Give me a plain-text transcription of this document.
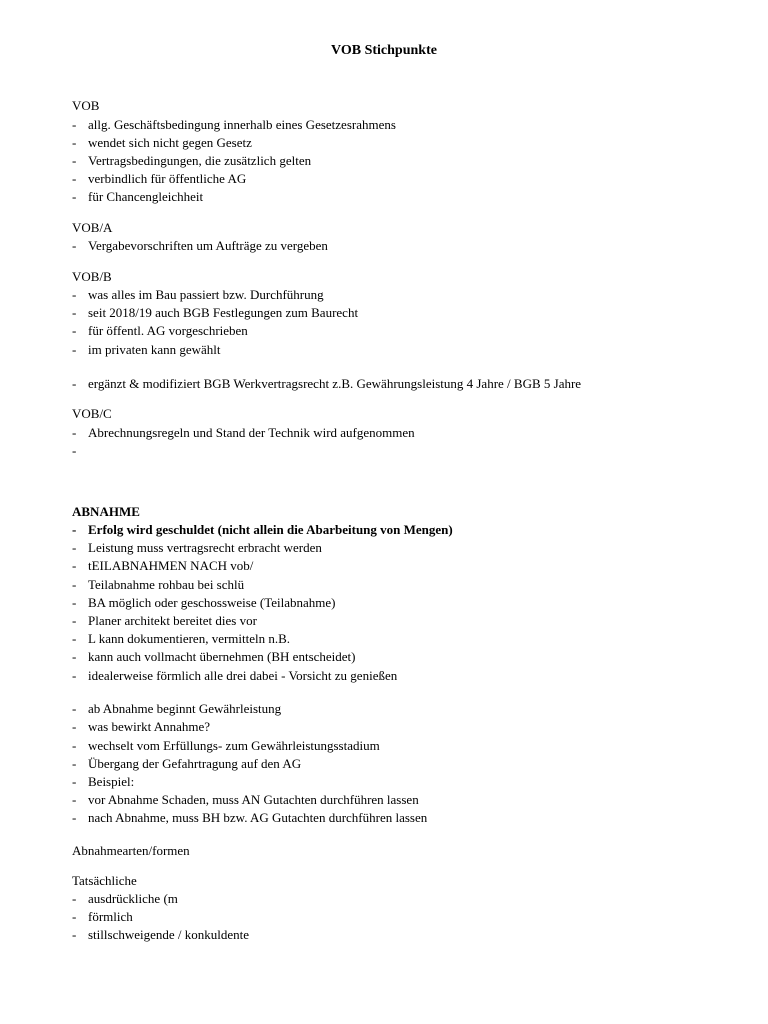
VOB Stichpunkte
VOB
- allg. Geschäftsbedingung innerhalb eines Gesetzesrahmens
- wendet sich nicht gegen Gesetz
- Vertragsbedingungen, die zusätzlich gelten
- verbindlich für öffentliche AG
- für Chancengleichheit
VOB/A
- Vergabevorschriften um Aufträge zu vergeben
VOB/B
- was alles im Bau passiert bzw. Durchführung
- seit 2018/19 auch BGB Festlegungen zum Baurecht
- für öffentl. AG vorgeschrieben
- im privaten kann gewählt
- ergänzt & modifiziert BGB Werkvertragsrecht z.B. Gewährungsleistung 4 Jahre / BGB 5 Jahre
VOB/C
- Abrechnungsregeln und Stand der Technik wird aufgenommen
-
ABNAHME
- Erfolg wird geschuldet (nicht allein die Abarbeitung von Mengen)
- Leistung muss vertragsrecht erbracht werden
- tEILABNAHMEN NACH vob/
- Teilabnahme rohbau bei schlü
- BA möglich oder geschossweise (Teilabnahme)
- Planer architekt bereitet dies vor
- L kann dokumentieren, vermitteln n.B.
- kann auch vollmacht übernehmen (BH entscheidet)
- idealerweise förmlich alle drei dabei - Vorsicht zu genießen
- ab Abnahme beginnt Gewährleistung
- was bewirkt Annahme?
- wechselt vom Erfüllungs- zum Gewährleistungsstadium
- Übergang der Gefahrtragung auf den AG
- Beispiel:
- vor Abnahme Schaden, muss AN Gutachten durchführen lassen
- nach Abnahme, muss BH bzw. AG Gutachten durchführen lassen
Abnahmearten/formen
Tatsächliche
- ausdrückliche (m
- förmlich
- stillschweigende / konkuldente
